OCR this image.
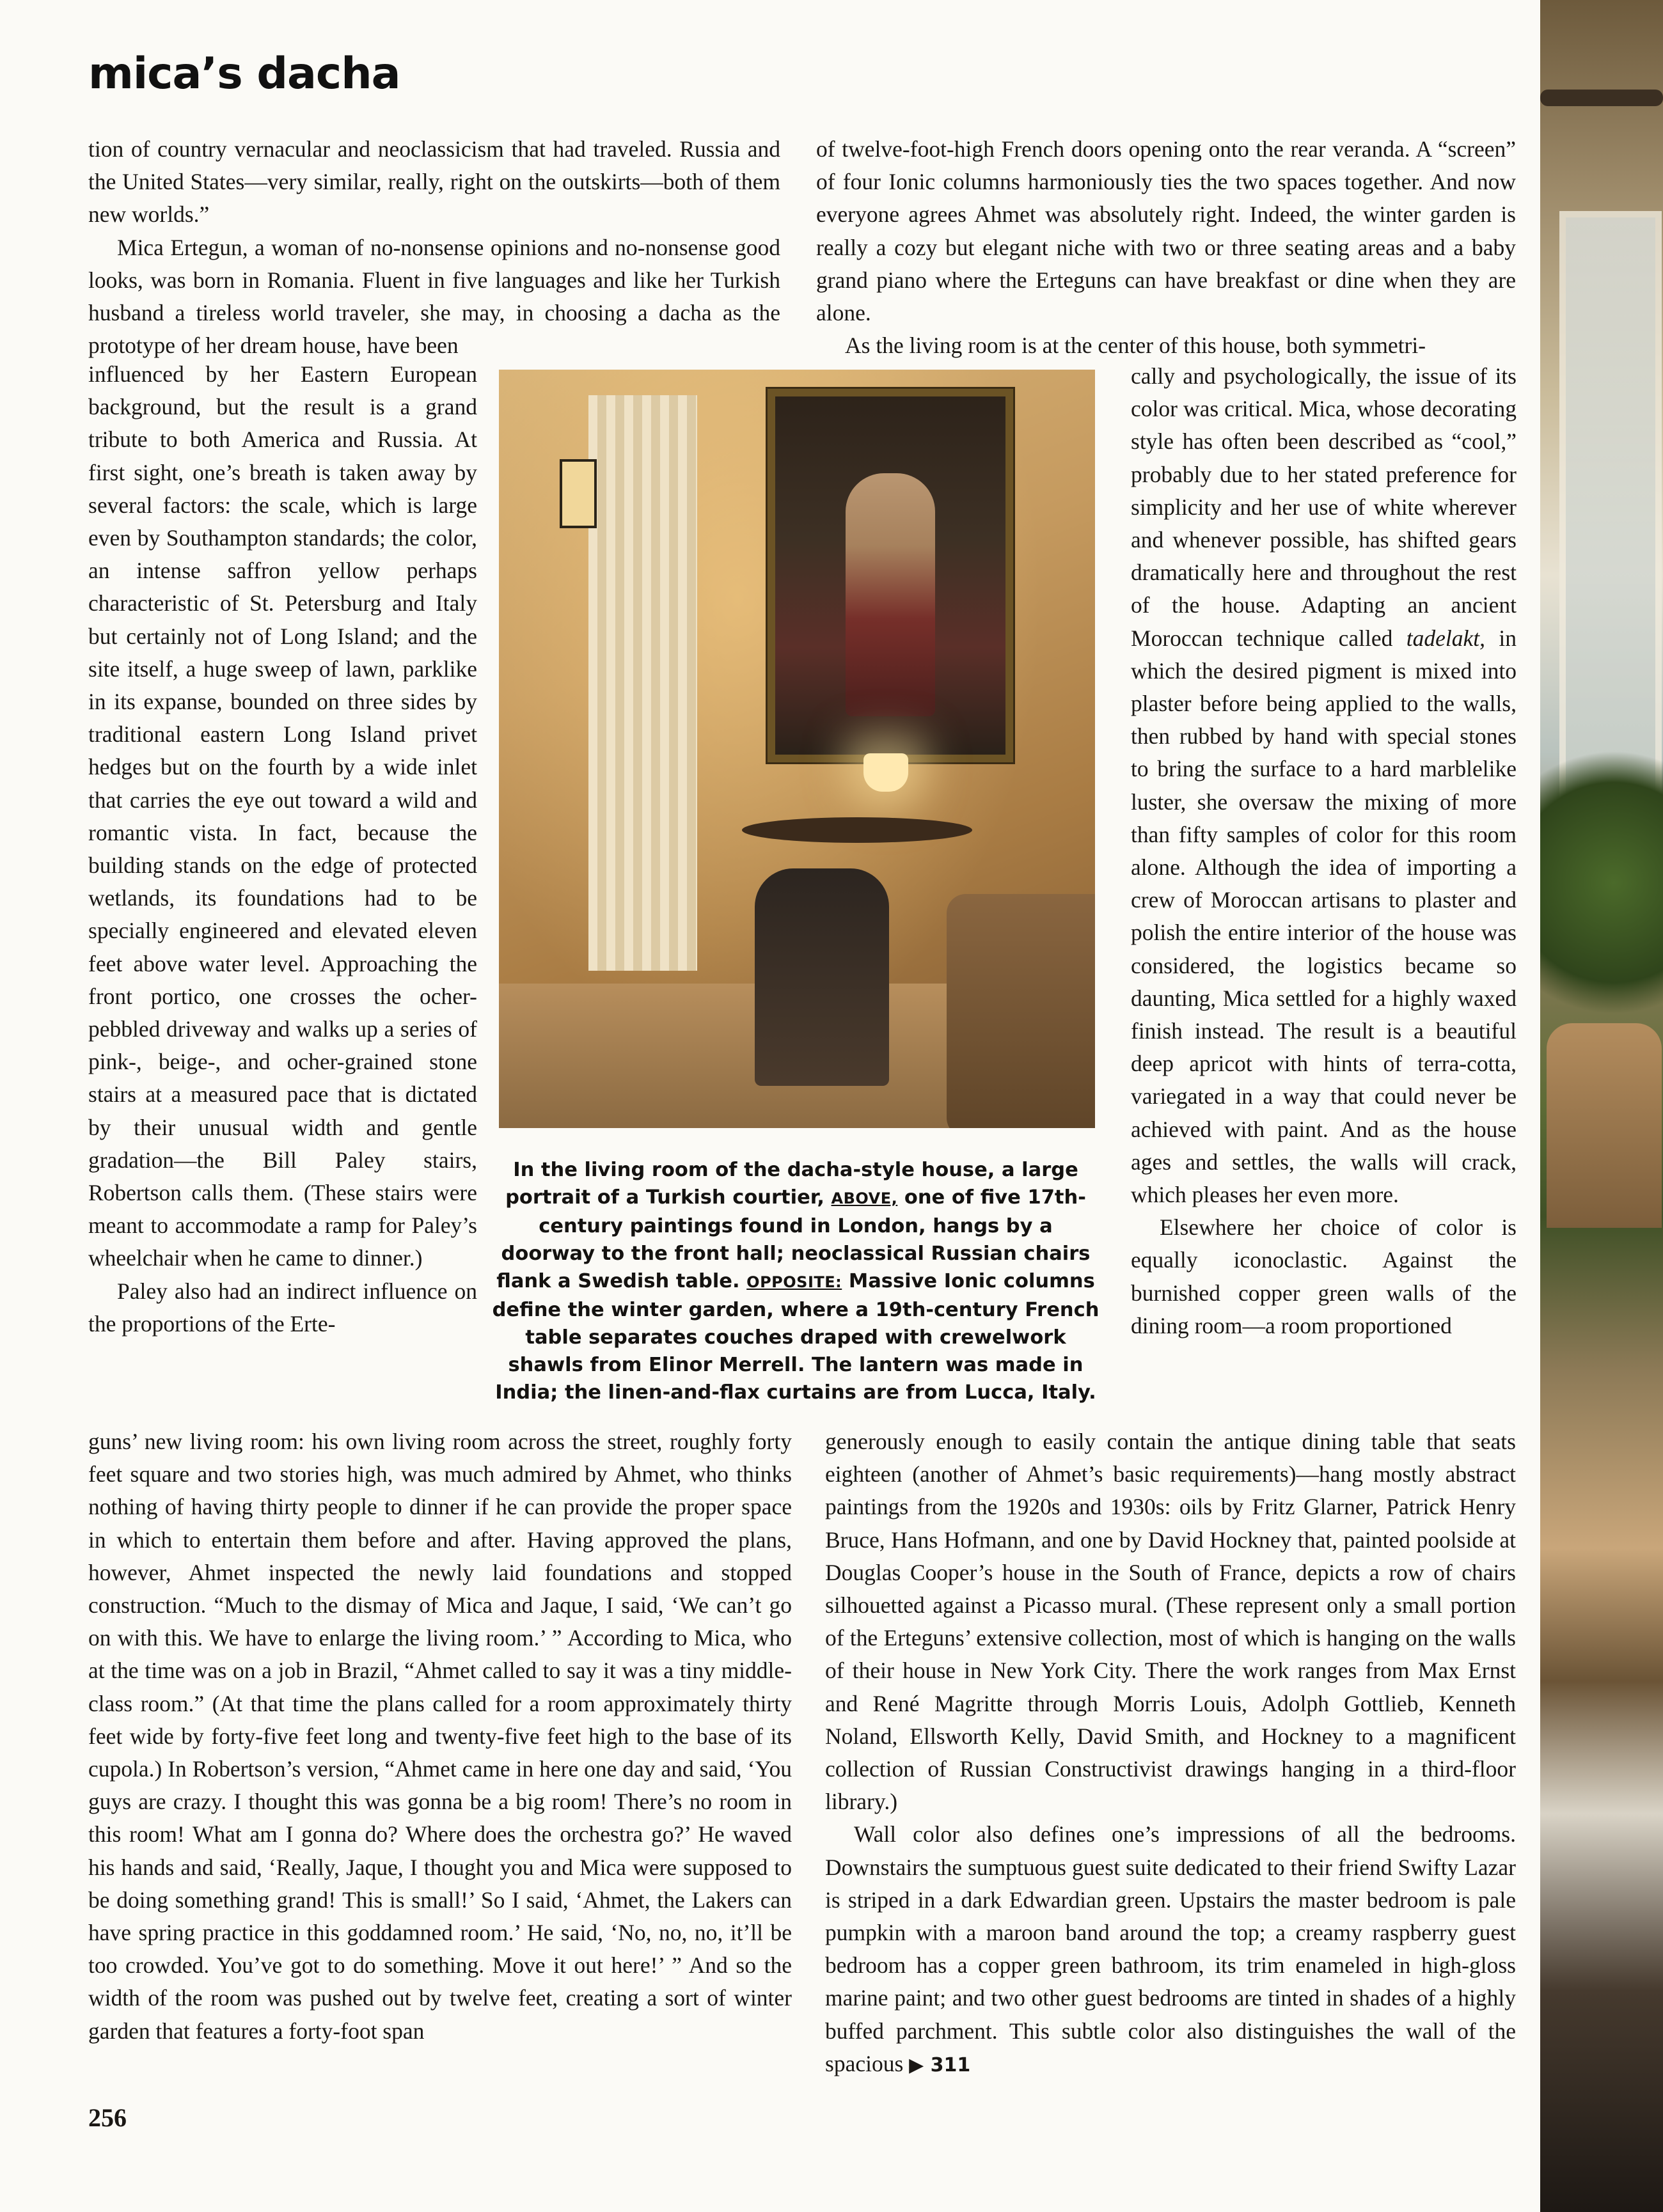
mica’s dacha

tion of country vernacular and neoclassicism that had traveled. Russia and the United States—very similar, really, right on the outskirts—both of them new worlds.”

Mica Ertegun, a woman of no-nonsense opinions and no-nonsense good looks, was born in Romania. Fluent in five languages and like her Turkish husband a tireless world traveler, she may, in choosing a dacha as the prototype of her dream house, have been

of twelve-foot-high French doors opening onto the rear veranda. A “screen” of four Ionic columns harmoniously ties the two spaces together. And now everyone agrees Ahmet was absolutely right. Indeed, the winter garden is really a cozy but elegant niche with two or three seating areas and a baby grand piano where the Erteguns can have breakfast or dine when they are alone.

As the living room is at the center of this house, both symmetri-

influenced by her Eastern European background, but the result is a grand tribute to both America and Russia. At first sight, one’s breath is taken away by several factors: the scale, which is large even by Southampton standards; the color, an intense saffron yellow perhaps characteristic of St. Petersburg and Italy but certainly not of Long Island; and the site itself, a huge sweep of lawn, parklike in its expanse, bounded on three sides by traditional eastern Long Island privet hedges but on the fourth by a wide inlet that carries the eye out toward a wild and romantic vista. In fact, because the building stands on the edge of protected wetlands, its foundations had to be specially engineered and elevated eleven feet above water level. Approaching the front portico, one crosses the ocher-pebbled driveway and walks up a series of pink-, beige-, and ocher-grained stone stairs at a measured pace that is dictated by their unusual width and gentle gradation—the Bill Paley stairs, Robertson calls them. (These stairs were meant to accommodate a ramp for Paley’s wheelchair when he came to dinner.)

Paley also had an indirect influence on the proportions of the Erte-

cally and psychologically, the issue of its color was critical. Mica, whose decorating style has often been described as “cool,” probably due to her stated preference for simplicity and her use of white wherever and whenever possible, has shifted gears dramatically here and throughout the rest of the house. Adapting an ancient Moroccan technique called tadelakt, in which the desired pigment is mixed into plaster before being applied to the walls, then rubbed by hand with special stones to bring the surface to a hard marblelike luster, she oversaw the mixing of more than fifty samples of color for this room alone. Although the idea of importing a crew of Moroccan artisans to plaster and polish the entire interior of the house was considered, the logistics became so daunting, Mica settled for a highly waxed finish instead. The result is a beautiful deep apricot with hints of terra-cotta, variegated in a way that could never be achieved with paint. And as the house ages and settles, the walls will crack, which pleases her even more.

Elsewhere her choice of color is equally iconoclastic. Against the burnished copper green walls of the dining room—a room proportioned

In the living room of the dacha-style house, a large portrait of a Turkish courtier, ABOVE, one of five 17th-century paintings found in London, hangs by a doorway to the front hall; neoclassical Russian chairs flank a Swedish table. OPPOSITE: Massive Ionic columns define the winter garden, where a 19th-century French table separates couches draped with crewelwork shawls from Elinor Merrell. The lantern was made in India; the linen-and-flax curtains are from Lucca, Italy.

guns’ new living room: his own living room across the street, roughly forty feet square and two stories high, was much admired by Ahmet, who thinks nothing of having thirty people to dinner if he can provide the proper space in which to entertain them before and after. Having approved the plans, however, Ahmet inspected the newly laid foundations and stopped construction. “Much to the dismay of Mica and Jaque, I said, ‘We can’t go on with this. We have to enlarge the living room.’ ” According to Mica, who at the time was on a job in Brazil, “Ahmet called to say it was a tiny middle-class room.” (At that time the plans called for a room approximately thirty feet wide by forty-five feet long and twenty-five feet high to the base of its cupola.) In Robertson’s version, “Ahmet came in here one day and said, ‘You guys are crazy. I thought this was gonna be a big room! There’s no room in this room! What am I gonna do? Where does the orchestra go?’ He waved his hands and said, ‘Really, Jaque, I thought you and Mica were supposed to be doing something grand! This is small!’ So I said, ‘Ahmet, the Lakers can have spring practice in this goddamned room.’ He said, ‘No, no, no, it’ll be too crowded. You’ve got to do something. Move it out here!’ ” And so the width of the room was pushed out by twelve feet, creating a sort of winter garden that features a forty-foot span

generously enough to easily contain the antique dining table that seats eighteen (another of Ahmet’s basic requirements)—hang mostly abstract paintings from the 1920s and 1930s: oils by Fritz Glarner, Patrick Henry Bruce, Hans Hofmann, and one by David Hockney that, painted poolside at Douglas Cooper’s house in the South of France, depicts a row of chairs silhouetted against a Picasso mural. (These represent only a small portion of the Erteguns’ extensive collection, most of which is hanging on the walls of their house in New York City. There the work ranges from Max Ernst and René Magritte through Morris Louis, Adolph Gottlieb, Kenneth Noland, Ellsworth Kelly, David Smith, and Hockney to a magnificent collection of Russian Constructivist drawings hanging in a third-floor library.)

Wall color also defines one’s impressions of all the bedrooms. Downstairs the sumptuous guest suite dedicated to their friend Swifty Lazar is striped in a dark Edwardian green. Upstairs the master bedroom is pale pumpkin with a maroon band around the top; a creamy raspberry guest bedroom has a copper green bathroom, its trim enameled in high-gloss marine paint; and two other guest bedrooms are tinted in shades of a highly buffed parchment. This subtle color also distinguishes the wall of the spacious ▶ 311

256
